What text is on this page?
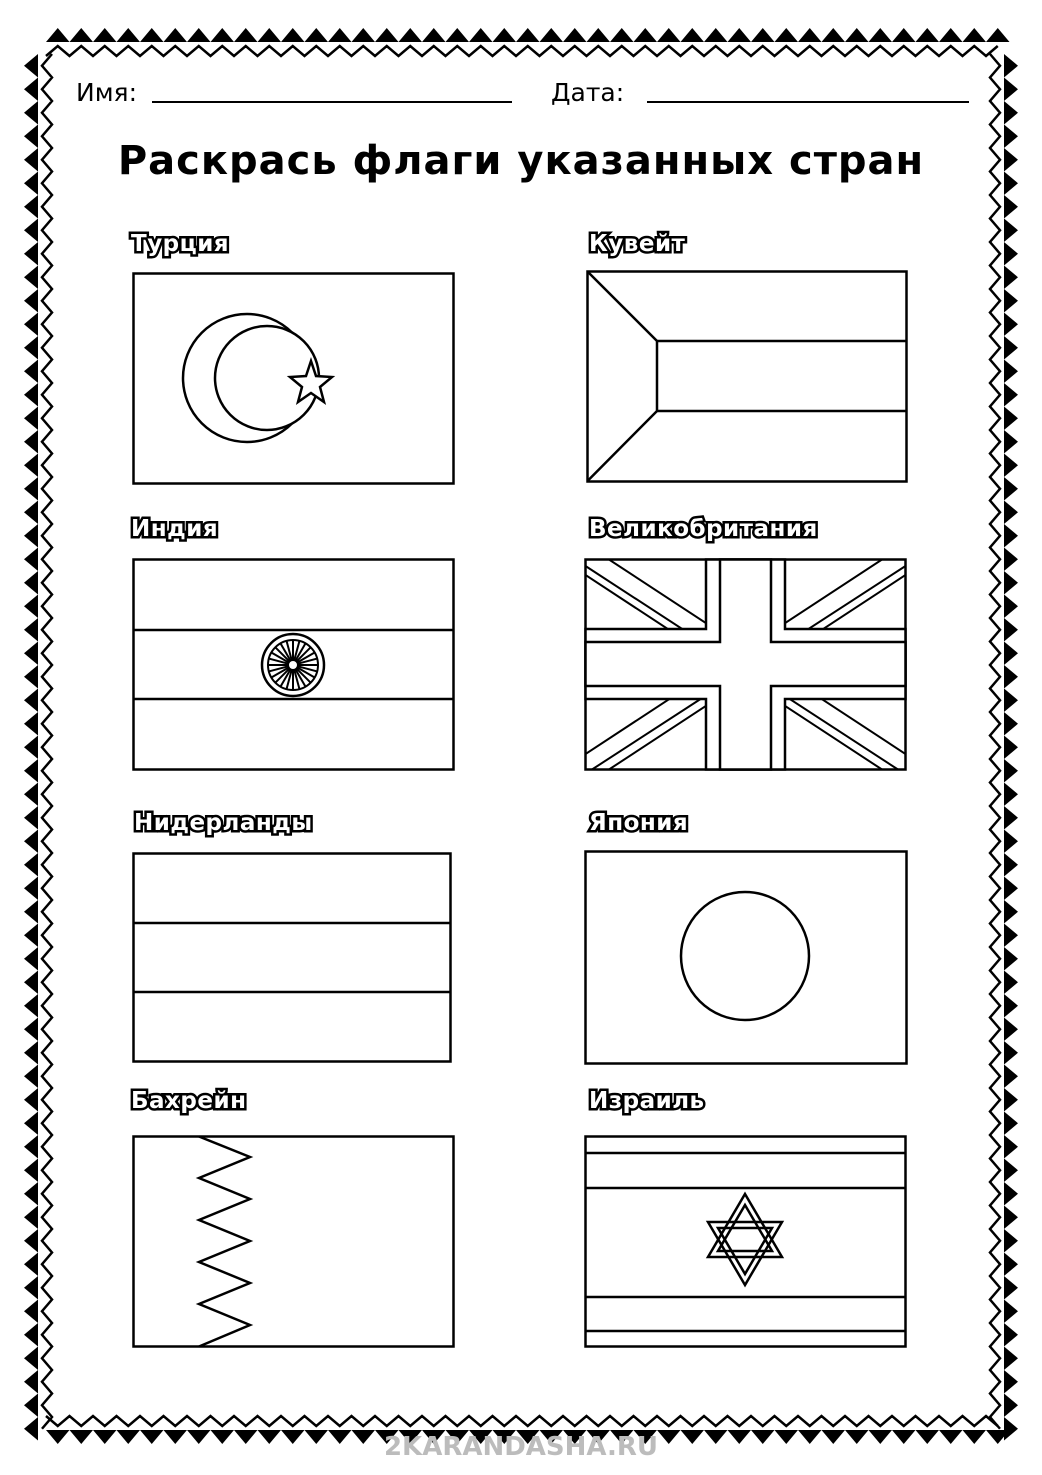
Имя:	Дата:
Раскрась флаги указанных стран
Турция	Кувейт
Индия	Великобритания
Нидерланды	Япония
Бахрейн	Израиль
2KARANDASHA.RU
